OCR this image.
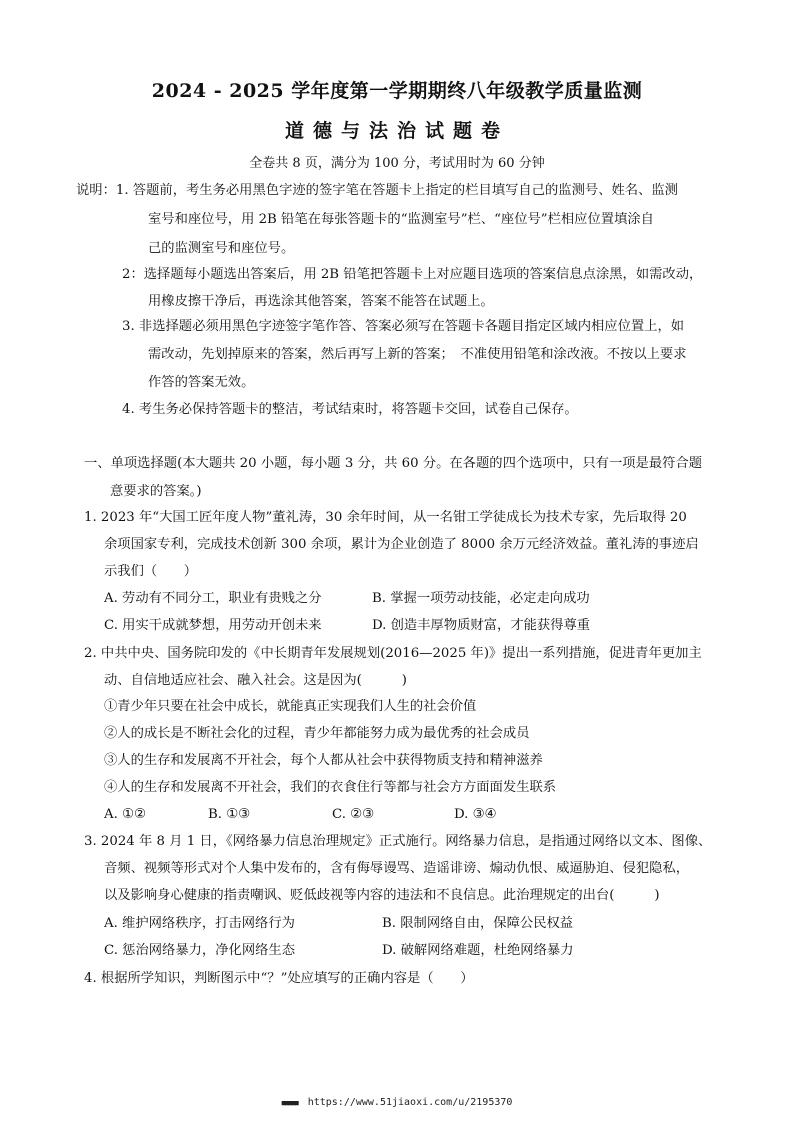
2024 - 2025 学年度第一学期期终八年级教学质量监测
道德与法治试题卷
全卷共 8 页，满分为 100 分，考试用时为 60 分钟
说明：1. 答题前，考生务必用黑色字迹的签字笔在答题卡上指定的栏目填写自己的监测号、姓名、监测
室号和座位号，用 2B 铅笔在每张答题卡的“监测室号”栏、“座位号”栏相应位置填涂自
己的监测室号和座位号。
2：选择题每小题选出答案后，用 2B 铅笔把答题卡上对应题目选项的答案信息点涂黑，如需改动，
用橡皮擦干净后，再选涂其他答案，答案不能答在试题上。
3. 非选择题必须用黑色字迹签字笔作答、答案必须写在答题卡各题目指定区域内相应位置上，如
需改动，先划掉原来的答案，然后再写上新的答案；　不准使用铅笔和涂改液。不按以上要求
作答的答案无效。
4. 考生务必保持答题卡的整洁，考试结束时，将答题卡交回，试卷自己保存。
一、单项选择题(本大题共 20 小题，每小题 3 分，共 60 分。在各题的四个选项中，只有一项是最符合题
意要求的答案。)
1. 2023 年“大国工匠年度人物”董礼涛，30 余年时间，从一名钳工学徒成长为技术专家，先后取得 20
余项国家专利，完成技术创新 300 余项，累计为企业创造了 8000 余万元经济效益。董礼涛的事迹启
示我们（　　）
A. 劳动有不同分工，职业有贵贱之分	B. 掌握一项劳动技能，必定走向成功
C. 用实干成就梦想，用劳动开创未来	D. 创造丰厚物质财富，才能获得尊重
2. 中共中央、国务院印发的《中长期青年发展规划(2016—2025 年)》提出一系列措施，促进青年更加主
动、自信地适应社会、融入社会。这是因为(　　　)
①青少年只要在社会中成长，就能真正实现我们人生的社会价值
②人的成长是不断社会化的过程，青少年都能努力成为最优秀的社会成员
③人的生存和发展离不开社会，每个人都从社会中获得物质支持和精神滋养
④人的生存和发展离不开社会，我们的衣食住行等都与社会方方面面发生联系
A. ①②	B. ①③	C. ②③	D. ③④
3. 2024 年 8 月 1 日，《网络暴力信息治理规定》正式施行。网络暴力信息，是指通过网络以文本、图像、
音频、视频等形式对个人集中发布的，含有侮辱谩骂、造谣诽谤、煽动仇恨、威逼胁迫、侵犯隐私，
以及影响身心健康的指责嘲讽、贬低歧视等内容的违法和不良信息。此治理规定的出台(　　　)
A. 维护网络秩序，打击网络行为	B. 限制网络自由，保障公民权益
C. 惩治网络暴力，净化网络生态	D. 破解网络难题，杜绝网络暴力
4. 根据所学知识，判断图示中“？”处应填写的正确内容是（　　）
■■■■■ https://www.51jiaoxi.com/u/2195370
